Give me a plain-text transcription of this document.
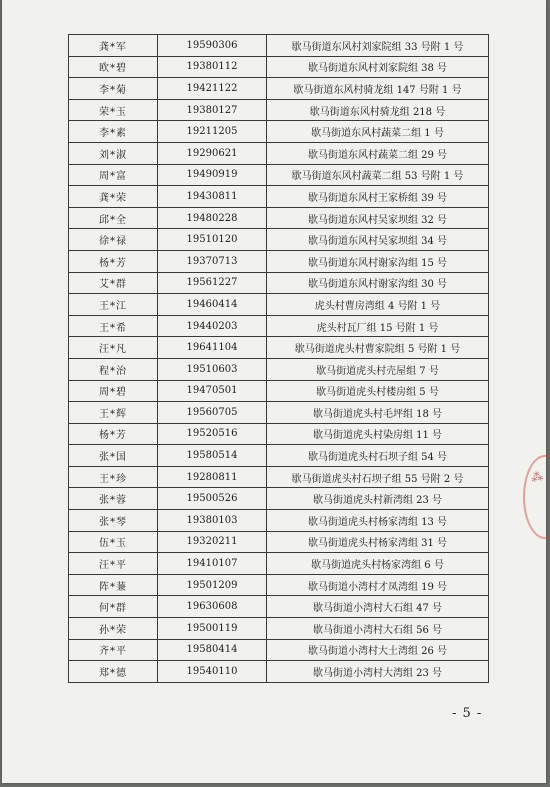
龚*军	19590306	歇马街道东风村刘家院组 33 号附 1 号
欧*碧	19380112	歇马街道东风村刘家院组 38 号
李*菊	19421122	歇马街道东风村骑龙组 147 号附 1 号
荣*玉	19380127	歇马街道东风村骑龙组 218 号
李*素	19211205	歇马街道东风村蔬菜二组 1 号
刘*淑	19290621	歇马街道东风村蔬菜二组 29 号
周*富	19490919	歇马街道东风村蔬菜二组 53 号附 1 号
龚*荣	19430811	歇马街道东风村王家桥组 39 号
邱*全	19480228	歇马街道东风村吴家坝组 32 号
徐*禄	19510120	歇马街道东风村吴家坝组 34 号
杨*芳	19370713	歇马街道东风村谢家沟组 15 号
艾*群	19561227	歇马街道东风村谢家沟组 30 号
王*江	19460414	虎头村曹房湾组 4 号附 1 号
王*希	19440203	虎头村瓦厂组 15 号附 1 号
汪*凡	19641104	歇马街道虎头村曹家院组 5 号附 1 号
程*治	19510603	歇马街道虎头村壳屋组 7 号
周*碧	19470501	歇马街道虎头村楼房组 5 号
王*辉	19560705	歇马街道虎头村毛坪组 18 号
杨*芳	19520516	歇马街道虎头村染房组 11 号
张*国	19580514	歇马街道虎头村石坝子组 54 号
王*珍	19280811	歇马街道虎头村石坝子组 55 号附 2 号
张*蓉	19500526	歇马街道虎头村新湾组 23 号
张*琴	19380103	歇马街道虎头村杨家湾组 13 号
伍*玉	19320211	歇马街道虎头村杨家湾组 31 号
汪*平	19410107	歇马街道虎头村杨家湾组 6 号
阵*蒹	19501209	歇马街道小湾村才凤湾组 19 号
何*群	19630608	歇马街道小湾村大石组 47 号
孙*荣	19500119	歇马街道小湾村大石组 56 号
齐*平	19580414	歇马街道小湾村大土湾组 26 号
郑*德	19540110	歇马街道小湾村大湾组 23 号
⁂
- 5 -
